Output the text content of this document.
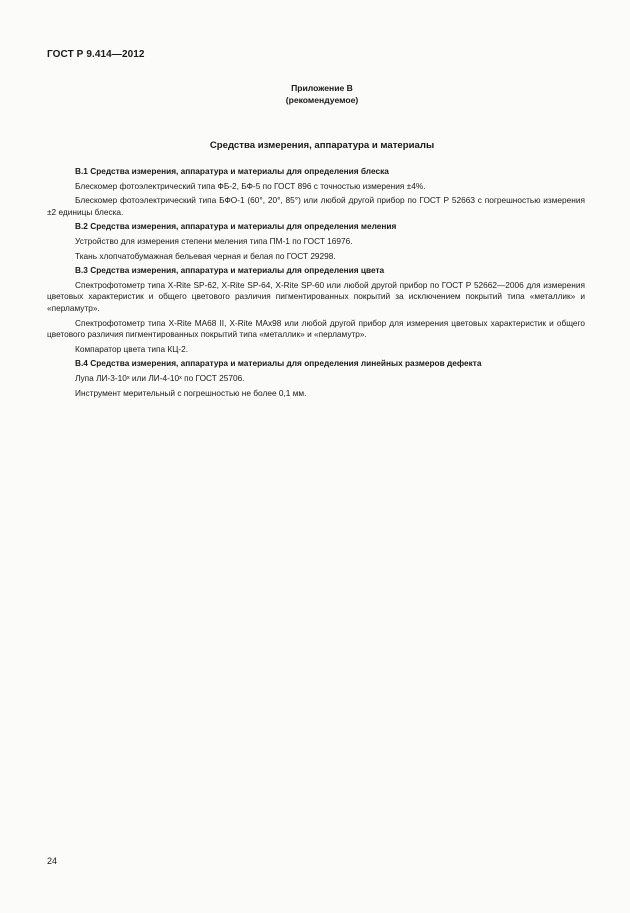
ГОСТ Р 9.414—2012
Приложение В
(рекомендуемое)
Средства измерения, аппаратура и материалы
В.1 Средства измерения, аппаратура и материалы для определения блеска
Блескомер фотоэлектрический типа ФБ-2, БФ-5 по ГОСТ 896 с точностью измерения ±4%.
Блескомер фотоэлектрический типа БФО-1 (60°, 20°, 85°) или любой другой прибор по ГОСТ Р 52663 с погрешностью измерения ±2 единицы блеска.
В.2 Средства измерения, аппаратура и материалы для определения меления
Устройство для измерения степени меления типа ПМ-1 по ГОСТ 16976.
Ткань хлопчатобумажная бельевая черная и белая по ГОСТ 29298.
В.3 Средства измерения, аппаратура и материалы для определения цвета
Спектрофотометр типа X-Rite SP-62, X-Rite SP-64, X-Rite SP-60 или любой другой прибор по ГОСТ Р 52662—2006 для измерения цветовых характеристик и общего цветового различия пигментированных покрытий за исключением покрытий типа «металлик» и «перламутр».
Спектрофотометр типа X-Rite MA68 II, X-Rite MAx98 или любой другой прибор для измерения цветовых характеристик и общего цветового различия пигментированных покрытий типа «металлик» и «перламутр».
Компаратор цвета типа КЦ-2.
В.4 Средства измерения, аппаратура и материалы для определения линейных размеров дефекта
Лупа ЛИ-3-10ˣ или ЛИ-4-10ˣ по ГОСТ 25706.
Инструмент мерительный с погрешностью не более 0,1 мм.
24
